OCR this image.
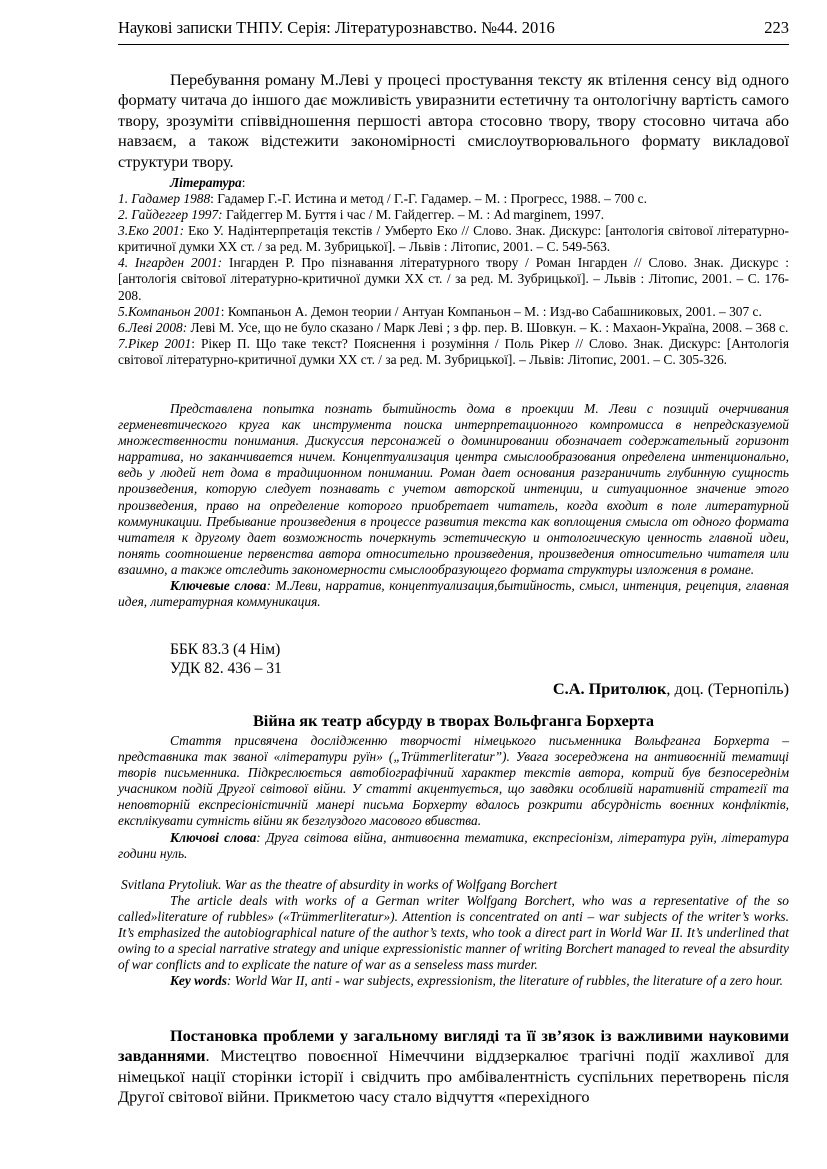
Наукові записки ТНПУ. Серія: Літературознавство. №44. 2016	223

Перебування роману М.Леві у процесі простування тексту як втілення сенсу від одного формату читача до іншого дає можливість увиразнити естетичну та онтологічну вартість самого твору, зрозуміти співвідношення першості автора стосовно твору, твору стосовно читача або навзаєм, а також відстежити закономірності смислоутворювального формату викладової структури твору.

Література:

1. Гадамер 1988: Гадамер Г.-Г. Истина и метод / Г.-Г. Гадамер. – М. : Прогресс, 1988. – 700 с.

2. Гайдеггер 1997: Гайдеггер М. Буття і час / М. Гайдеггер. – М. : Ad marginem, 1997.

3.Еко 2001: Еко У. Надінтерпретація текстів / Умберто Еко // Слово. Знак. Дискурс: [антологія світової літературно-критичної думки ХХ ст. / за ред. М. Зубрицької]. – Львів : Літопис, 2001. – С. 549-563.

4. Інгарден 2001: Інгарден Р. Про пізнавання літературного твору / Роман Інгарден // Слово. Знак. Дискурс : [антологія світової літературно-критичної думки ХХ ст. / за ред. М. Зубрицької]. – Львів : Літопис, 2001. – С. 176-208.

5.Компаньон 2001: Компаньон А. Демон теории / Антуан Компаньон – М. : Изд-во Сабашниковых, 2001. – 307 с.

6.Леві 2008: Леві М. Усе, що не було сказано / Марк Леві ; з фр. пер. В. Шовкун. – К. : Махаон-Україна, 2008. – 368 с.

7.Рікер 2001: Рікер П. Що таке текст? Пояснення і розуміння / Поль Рікер // Слово. Знак. Дискурс: [Антологія світової літературно-критичної думки ХХ ст. / за ред. М. Зубрицької]. – Львів: Літопис, 2001. – С. 305-326.

Представлена попытка познать бытийность дома в проекции М. Леви с позиций очерчивания герменевтического круга как инструмента поиска интерпретационного компромисса в непредсказуемой множественности понимания. Дискуссия персонажей о доминировании обозначает содержательный горизонт нарратива, но заканчивается ничем. Концептуализация центра смыслообразования определена интенционально, ведь у людей нет дома в традиционном понимании. Роман дает основания разграничить глубинную сущность произведения, которую следует познавать с учетом авторской интенции, и ситуационное значение этого произведения, право на определение которого приобретает читатель, когда входит в поле литературной коммуникации. Пребывание произведения в процессе развития текста как воплощения смысла от одного формата читателя к другому дает возможность почеркнуть эстетическую и онтологическую ценность главной идеи, понять соотношение первенства автора относительно произведения, произведения относительно читателя или взаимно, а также отследить закономерности смыслообразующего формата структуры изложения в романе.

Ключевые слова: М.Леви, нарратив, концептуализация,бытийность, смысл, интенция, рецепция, главная идея, литературная коммуникация.

ББК 83.3 (4 Нім)

УДК 82. 436 – 31

С.А. Притолюк, доц. (Тернопіль)

Війна як театр абсурду в творах Вольфганга Борхерта

Стаття присвячена дослідженню творчості німецького письменника Вольфганга Борхерта – представника так званої «літератури руїн» („Trümmerliteratur”). Увага зосереджена на антивоєнній тематиці творів письменника. Підкреслюється автобіографічний характер текстів автора, котрий був безпосереднім учасником подій Другої світової війни. У статті акцентується, що завдяки особливій наративній стратегії та неповторній експресіоністичній манері письма Борхерту вдалось розкрити абсурдність воєнних конфліктів, експлікувати сутність війни як безглуздого масового вбивства.

Ключові слова: Друга світова війна, антивоєнна тематика, експресіонізм, література руїн, література години нуль.

Svitlana Prytoliuk. War as the theatre of absurdity in works of Wolfgang Borchert

The article deals with works of a German writer Wolfgang Borchert, who was a representative of the so called»literature of rubbles» («Trümmerliteratur»). Attention is concentrated on anti – war subjects of the writer’s works. It’s emphasized the autobiographical nature of the author’s texts, who took a direct part in World War II. It’s underlined that owing to a special narrative strategy and unique expressionistic manner of writing Borchert managed to reveal the absurdity of war conflicts and to explicate the nature of war as a senseless mass murder.

Key words: World War II, anti - war subjects, expressionism, the literature of rubbles, the literature of a zero hour.

Постановка проблеми у загальному вигляді та її зв’язок із важливими науковими завданнями. Мистецтво повоєнної Німеччини віддзеркалює трагічні події жахливої для німецької нації сторінки історії і свідчить про амбівалентність суспільних перетворень після Другої світової війни. Прикметою часу стало відчуття «перехідного
